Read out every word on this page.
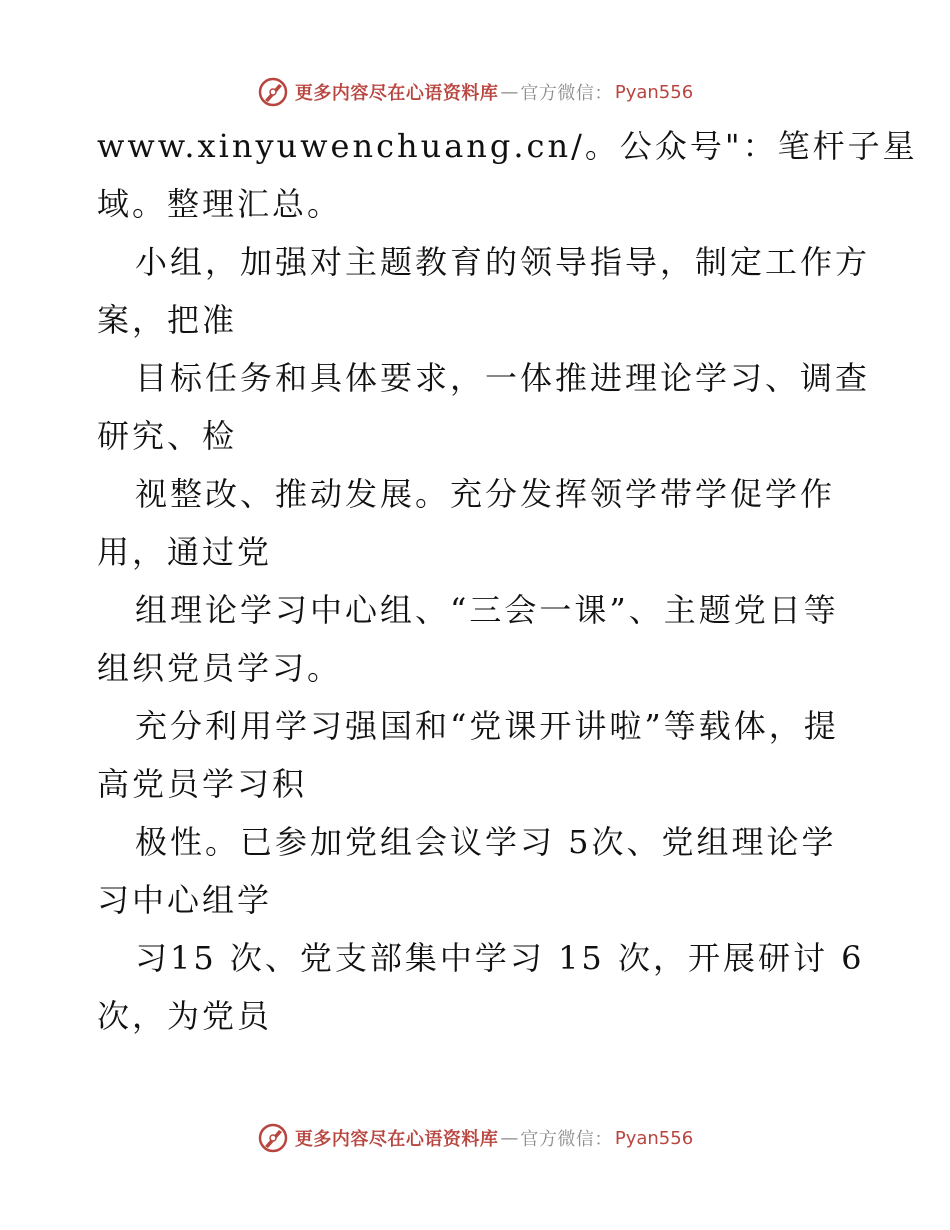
更多内容尽在心语资料库 — 官方微信： Pyan556
www.xinyuwenchuang.cn/。公众号"：笔杆子星
域。整理汇总。
小组，加强对主题教育的领导指导，制定工作方
案，把准
目标任务和具体要求，一体推进理论学习、调查
研究、检
视整改、推动发展。充分发挥领学带学促学作
用，通过党
组理论学习中心组、“三会一课”、主题党日等
组织党员学习。
充分利用学习强国和“党课开讲啦”等载体，提
高党员学习积
极性。已参加党组会议学习 5次、党组理论学
习中心组学
习15 次、党支部集中学习 15 次，开展研讨 6
次，为党员
更多内容尽在心语资料库 — 官方微信： Pyan556
